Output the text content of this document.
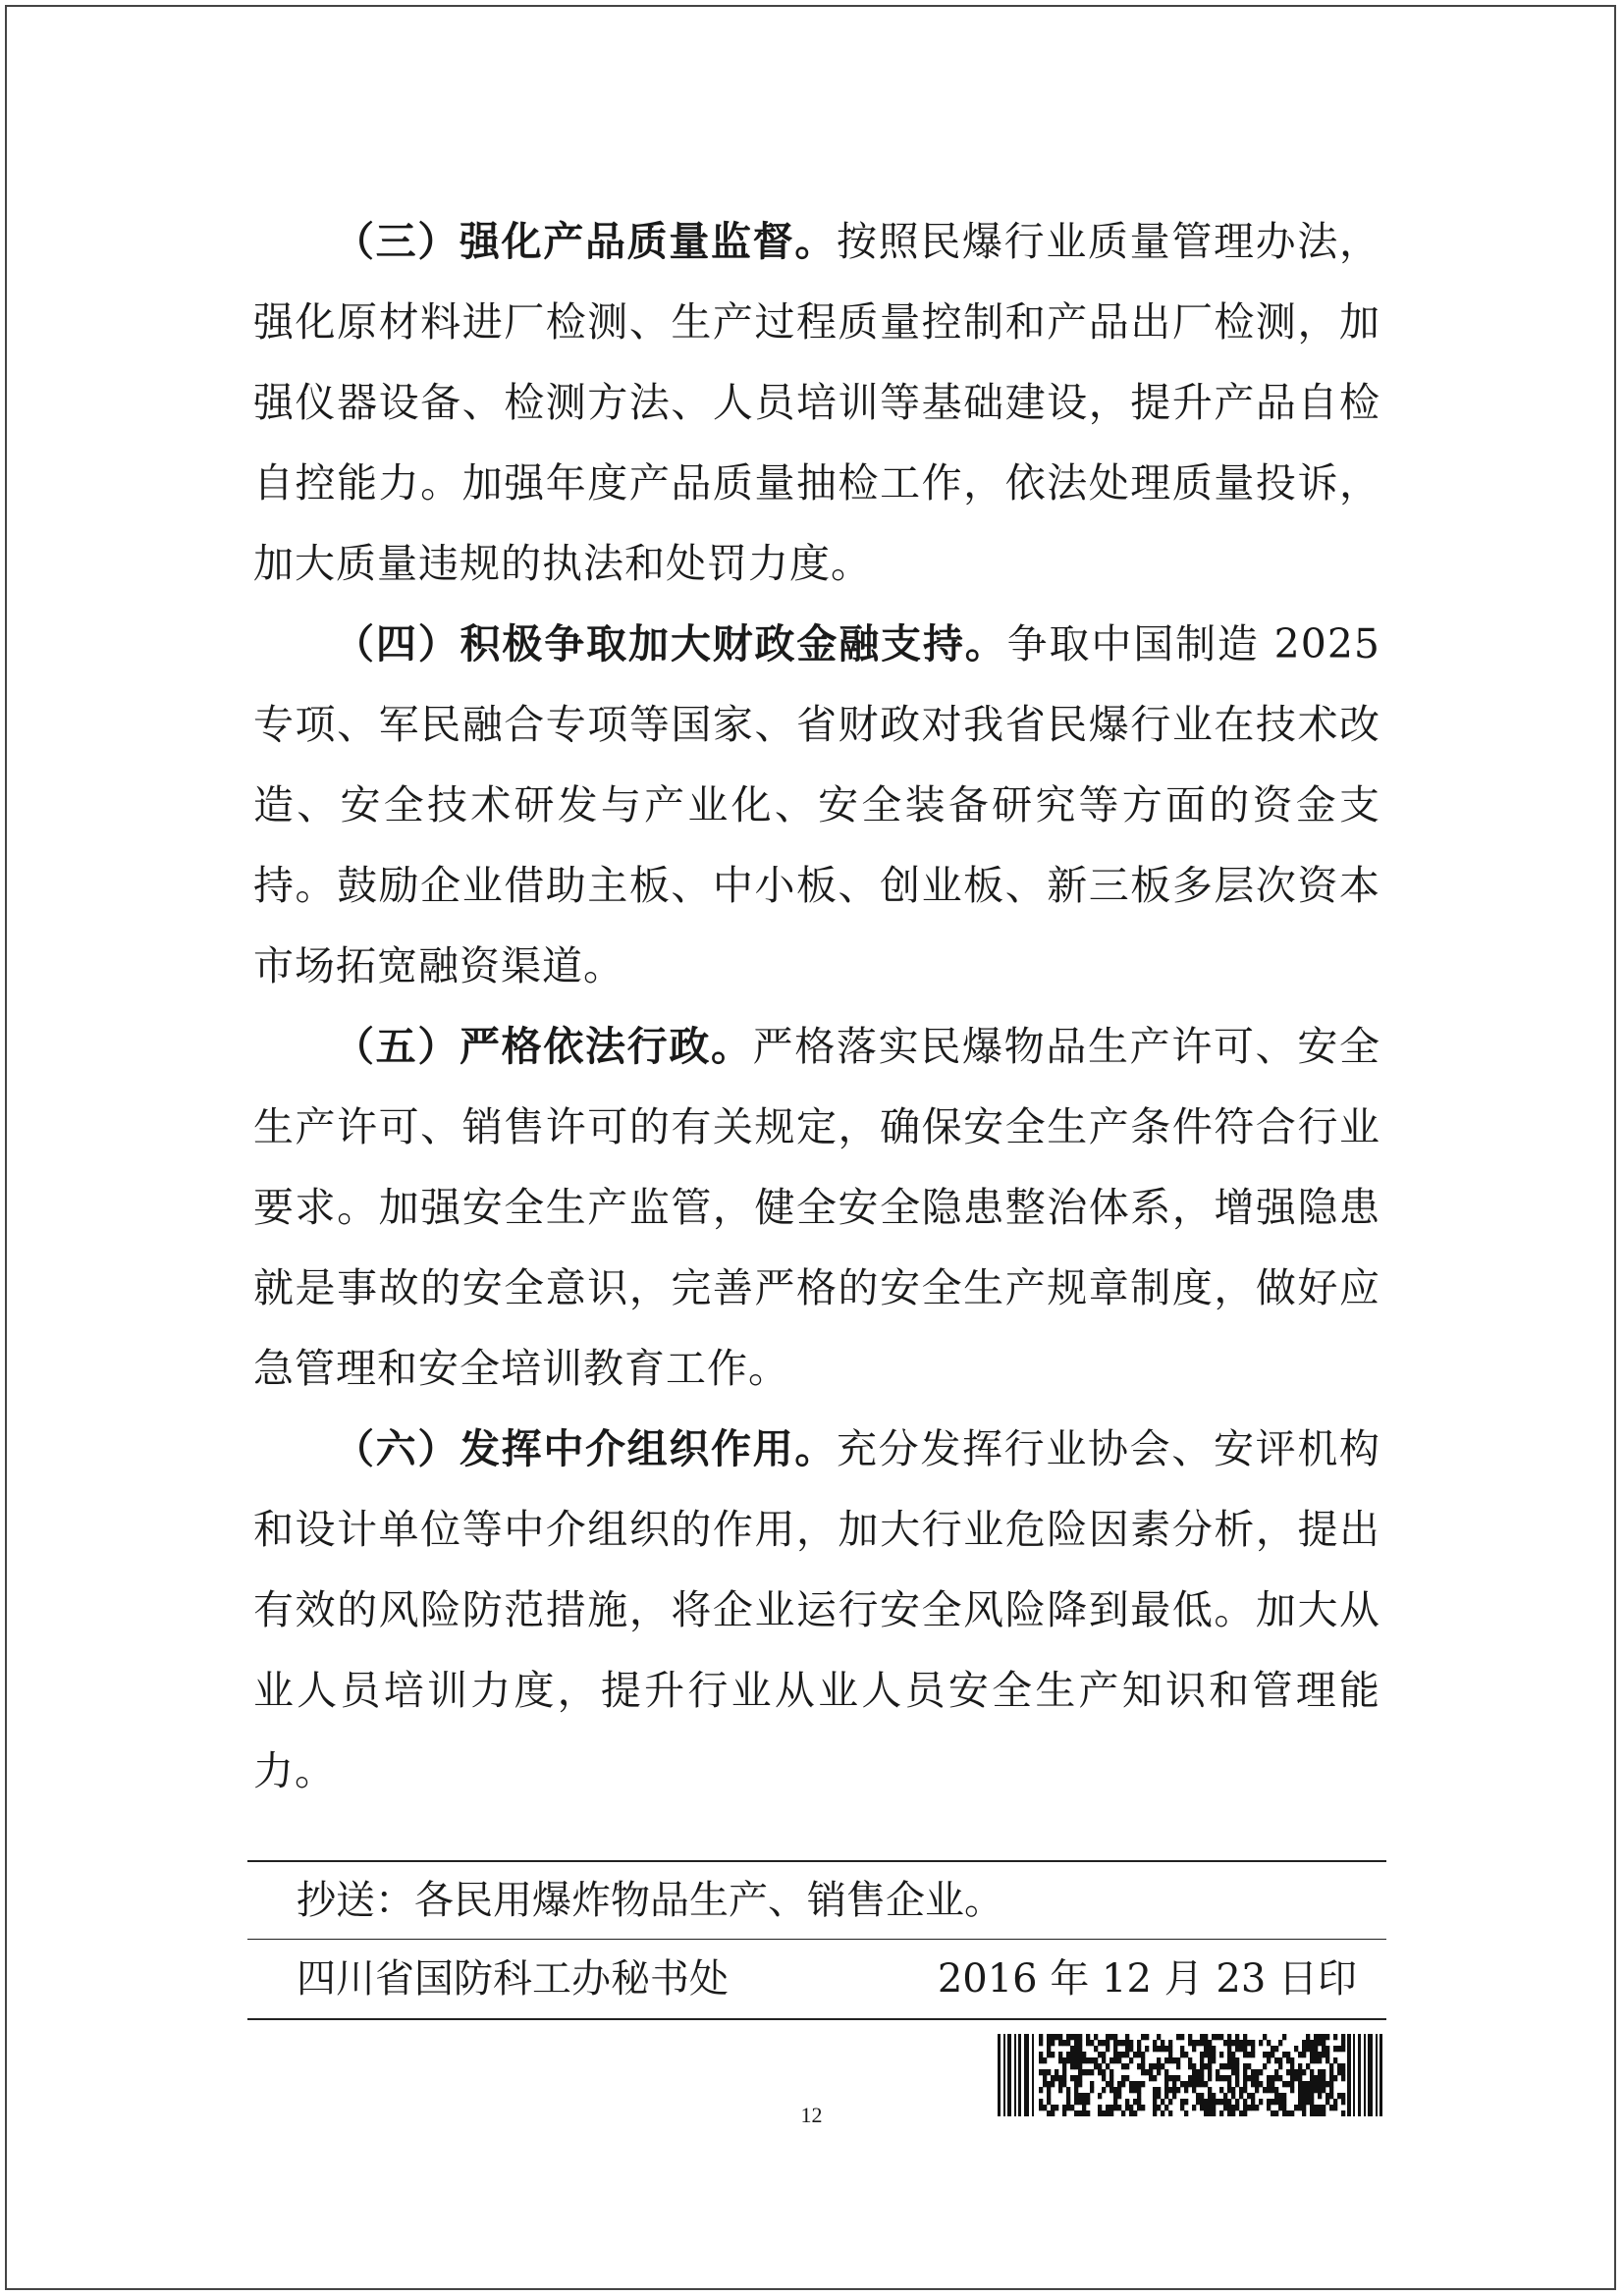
（三）强化产品质量监督。按照民爆行业质量管理办法，强化原材料进厂检测、生产过程质量控制和产品出厂检测，加强仪器设备、检测方法、人员培训等基础建设，提升产品自检自控能力。加强年度产品质量抽检工作，依法处理质量投诉，加大质量违规的执法和处罚力度。

（四）积极争取加大财政金融支持。争取中国制造 2025 专项、军民融合专项等国家、省财政对我省民爆行业在技术改造、安全技术研发与产业化、安全装备研究等方面的资金支持。鼓励企业借助主板、中小板、创业板、新三板多层次资本市场拓宽融资渠道。

（五）严格依法行政。严格落实民爆物品生产许可、安全生产许可、销售许可的有关规定，确保安全生产条件符合行业要求。加强安全生产监管，健全安全隐患整治体系，增强隐患就是事故的安全意识，完善严格的安全生产规章制度，做好应急管理和安全培训教育工作。

（六）发挥中介组织作用。充分发挥行业协会、安评机构和设计单位等中介组织的作用，加大行业危险因素分析，提出有效的风险防范措施，将企业运行安全风险降到最低。加大从业人员培训力度，提升行业从业人员安全生产知识和管理能力。

抄送：各民用爆炸物品生产、销售企业。
四川省国防科工办秘书处	2016 年 12 月 23 日印
12
